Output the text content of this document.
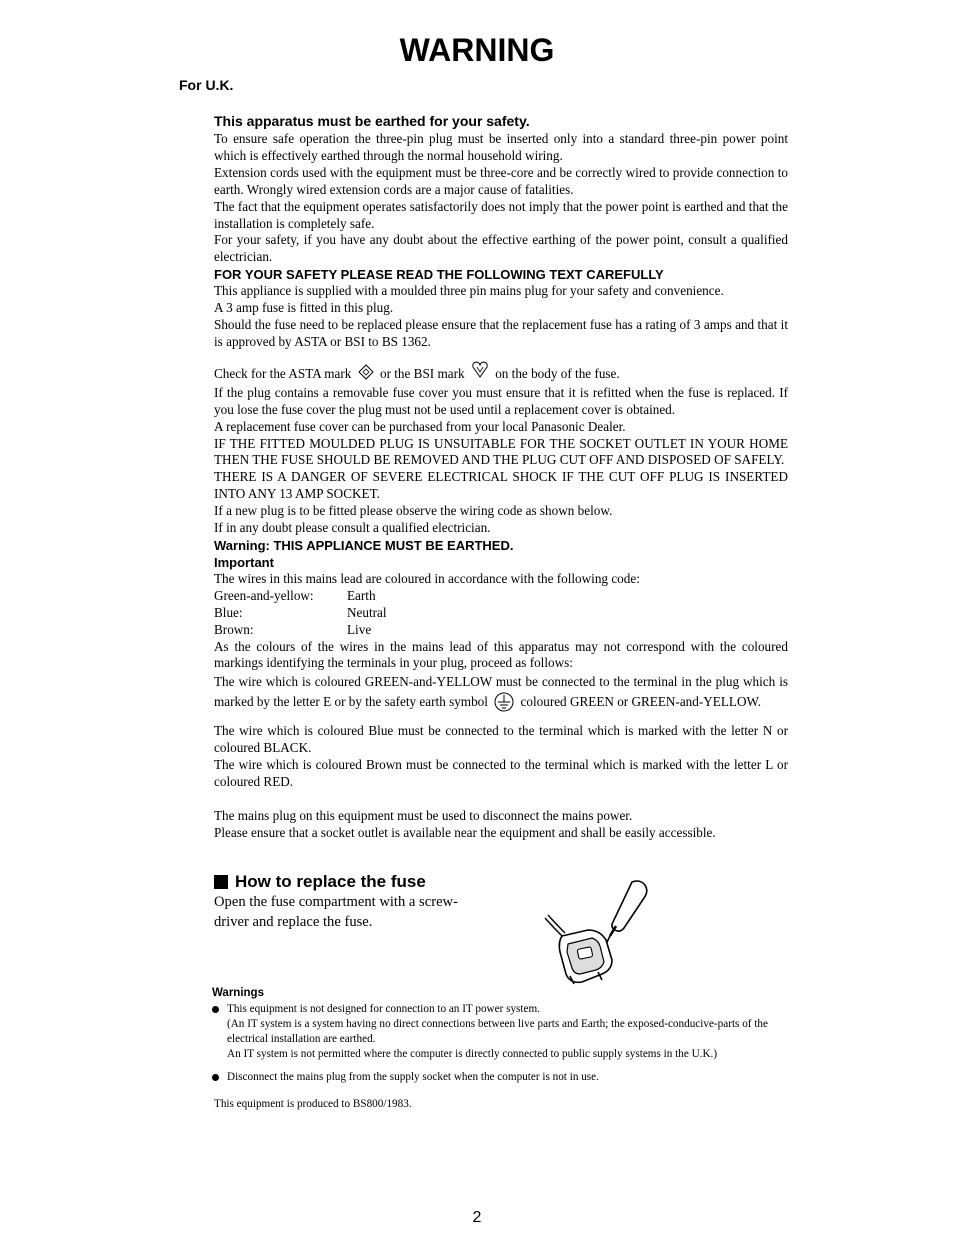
WARNING
For U.K.

This apparatus must be earthed for your safety.

To ensure safe operation the three-pin plug must be inserted only into a standard three-pin power point which is effectively earthed through the normal household wiring.

Extension cords used with the equipment must be three-core and be correctly wired to provide connection to earth. Wrongly wired extension cords are a major cause of fatalities.

The fact that the equipment operates satisfactorily does not imply that the power point is earthed and that the installation is completely safe.

For your safety, if you have any doubt about the effective earthing of the power point, consult a qualified electrician.

FOR YOUR SAFETY PLEASE READ THE FOLLOWING TEXT CAREFULLY

This appliance is supplied with a moulded three pin mains plug for your safety and convenience.

A 3 amp fuse is fitted in this plug.

Should the fuse need to be replaced please ensure that the replacement fuse has a rating of 3 amps and that it is approved by ASTA or BSI to BS 1362.

Check for the ASTA mark or the BSI mark on the body of the fuse.

If the plug contains a removable fuse cover you must ensure that it is refitted when the fuse is replaced. If you lose the fuse cover the plug must not be used until a replacement cover is obtained.

A replacement fuse cover can be purchased from your local Panasonic Dealer.

IF THE FITTED MOULDED PLUG IS UNSUITABLE FOR THE SOCKET OUTLET IN YOUR HOME THEN THE FUSE SHOULD BE REMOVED AND THE PLUG CUT OFF AND DISPOSED OF SAFELY.

THERE IS A DANGER OF SEVERE ELECTRICAL SHOCK IF THE CUT OFF PLUG IS INSERTED INTO ANY 13 AMP SOCKET.

If a new plug is to be fitted please observe the wiring code as shown below.

If in any doubt please consult a qualified electrician.

Warning: THIS APPLIANCE MUST BE EARTHED.

Important

The wires in this mains lead are coloured in accordance with the following code:

Green-and-yellow:	Earth
Blue:	Neutral
Brown:	Live

As the colours of the wires in the mains lead of this apparatus may not correspond with the coloured markings identifying the terminals in your plug, proceed as follows:

The wire which is coloured GREEN-and-YELLOW must be connected to the terminal in the plug which is marked by the letter E or by the safety earth symbol coloured GREEN or GREEN-and-YELLOW.

The wire which is coloured Blue must be connected to the terminal which is marked with the letter N or coloured BLACK.

The wire which is coloured Brown must be connected to the terminal which is marked with the letter L or coloured RED.

The mains plug on this equipment must be used to disconnect the mains power.

Please ensure that a socket outlet is available near the equipment and shall be easily accessible.

How to replace the fuse
Open the fuse compartment with a screw-driver and replace the fuse.
Warnings

This equipment is not designed for connection to an IT power system.

(An IT system is a system having no direct connections between live parts and Earth; the exposed-conducive-parts of the electrical installation are earthed.

An IT system is not permitted where the computer is directly connected to public supply systems in the U.K.)

Disconnect the mains plug from the supply socket when the computer is not in use.

This equipment is produced to BS800/1983.
2
